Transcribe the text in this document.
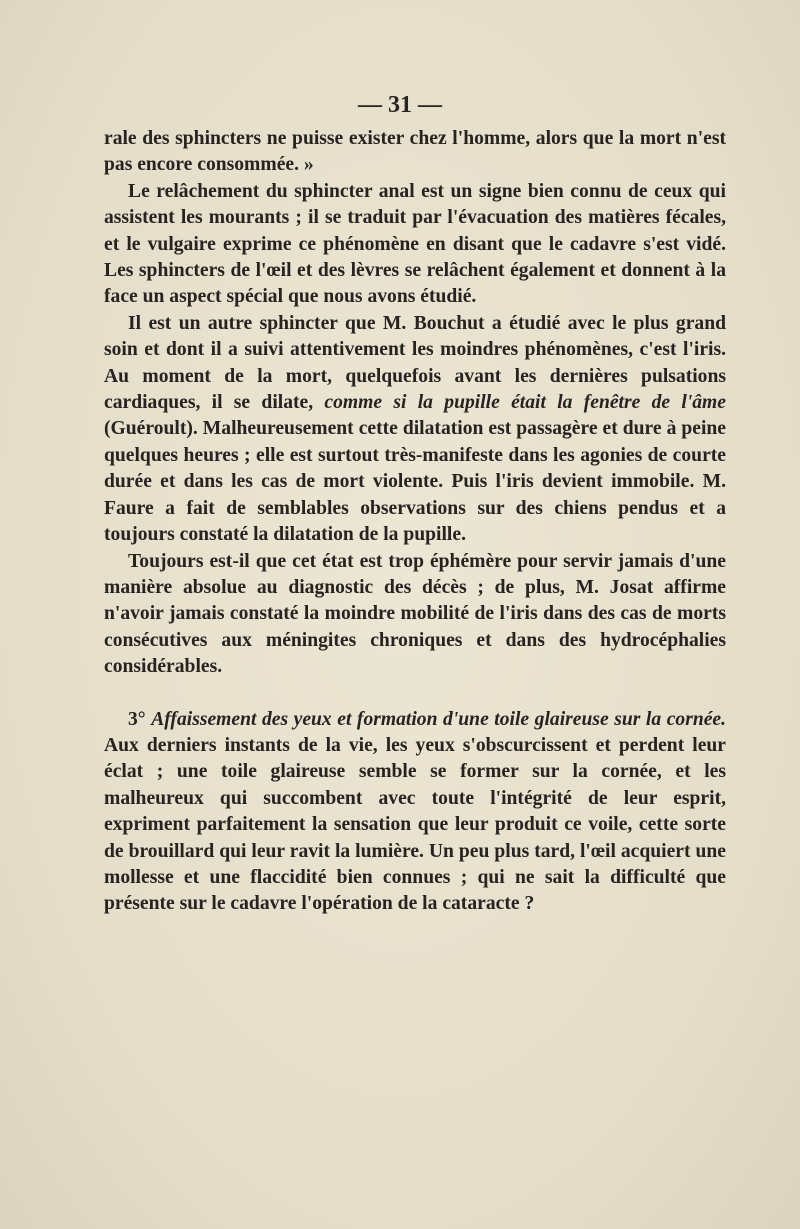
— 31 —

rale des sphincters ne puisse exister chez l'homme, alors que la mort n'est pas encore consommée. »

Le relâchement du sphincter anal est un signe bien connu de ceux qui assistent les mourants ; il se traduit par l'évacuation des matières fécales, et le vulgaire exprime ce phénomène en disant que le cadavre s'est vidé. Les sphincters de l'œil et des lèvres se relâchent également et donnent à la face un aspect spécial que nous avons étudié.

Il est un autre sphincter que M. Bouchut a étudié avec le plus grand soin et dont il a suivi attentivement les moindres phénomènes, c'est l'iris. Au moment de la mort, quelquefois avant les dernières pulsations cardiaques, il se dilate, comme si la pupille était la fenêtre de l'âme (Guéroult). Malheureusement cette dilatation est passagère et dure à peine quelques heures ; elle est surtout très-manifeste dans les agonies de courte durée et dans les cas de mort violente. Puis l'iris devient immobile. M. Faure a fait de semblables observations sur des chiens pendus et a toujours constaté la dilatation de la pupille.

Toujours est-il que cet état est trop éphémère pour servir jamais d'une manière absolue au diagnostic des décès ; de plus, M. Josat affirme n'avoir jamais constaté la moindre mobilité de l'iris dans des cas de morts consécutives aux méningites chroniques et dans des hydrocéphalies considérables.

3° Affaissement des yeux et formation d'une toile glaireuse sur la cornée. Aux derniers instants de la vie, les yeux s'obscurcissent et perdent leur éclat ; une toile glaireuse semble se former sur la cornée, et les malheureux qui succombent avec toute l'intégrité de leur esprit, expriment parfaitement la sensation que leur produit ce voile, cette sorte de brouillard qui leur ravit la lumière. Un peu plus tard, l'œil acquiert une mollesse et une flaccidité bien connues ; qui ne sait la difficulté que présente sur le cadavre l'opération de la cataracte ?
